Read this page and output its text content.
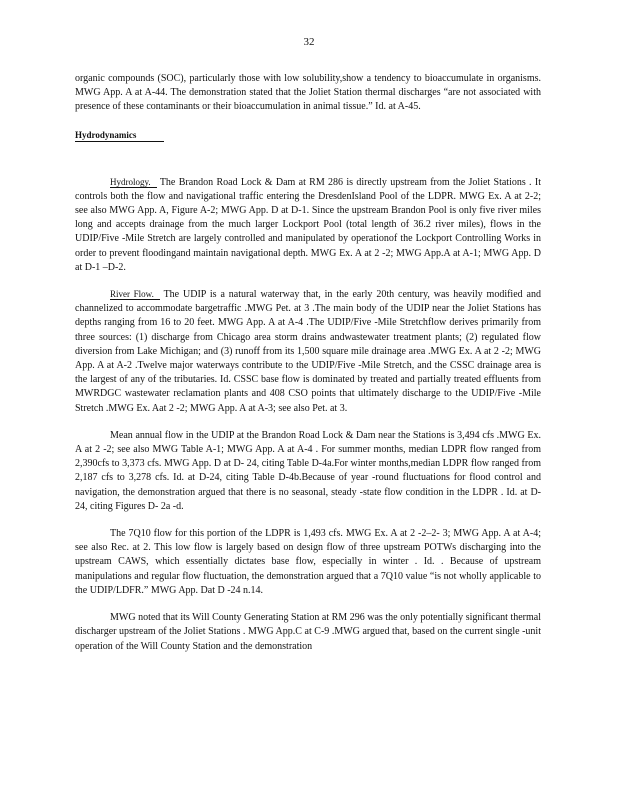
32

organic compounds (SOC), particularly those with low solubility,show a tendency to bioaccumulate in organisms. MWG App. A at A-44. The demonstration stated that the Joliet Station thermal discharges “are not associated with presence of these contaminants or their bioaccumulation in animal tissue.” Id. at A-45.

Hydrodynamics

Hydrology. The Brandon Road Lock & Dam at RM 286 is directly upstream from the Joliet Stations . It controls both the flow and navigational traffic entering the DresdenIsland Pool of the LDPR. MWG Ex. A at 2-2; see also MWG App. A, Figure A-2; MWG App. D at D-1. Since the upstream Brandon Pool is only five river miles long and accepts drainage from the much larger Lockport Pool (total length of 36.2 river miles), flows in the UDIP/Five -Mile Stretch are largely controlled and manipulated by operationof the Lockport Controlling Works in order to prevent floodingand maintain navigational depth. MWG Ex. A at 2 -2; MWG App.A at A-1; MWG App. D at D-1 –D-2.

River Flow. The UDIP is a natural waterway that, in the early 20th century, was heavily modified and channelized to accommodate bargetraffic .MWG Pet. at 3 .The main body of the UDIP near the Joliet Stations has depths ranging from 16 to 20 feet. MWG App. A at A-4 .The UDIP/Five -Mile Stretchflow derives primarily from three sources: (1) discharge from Chicago area storm drains andwastewater treatment plants; (2) regulated flow diversion from Lake Michigan; and (3) runoff from its 1,500 square mile drainage area .MWG Ex. A at 2 -2; MWG App. A at A-2 .Twelve major waterways contribute to the UDIP/Five -Mile Stretch, and the CSSC drainage area is the largest of any of the tributaries. Id. CSSC base flow is dominated by treated and partially treated effluents from MWRDGC wastewater reclamation plants and 408 CSO points that ultimately discharge to the UDIP/Five -Mile Stretch .MWG Ex. Aat 2 -2; MWG App. A at A-3; see also Pet. at 3.

Mean annual flow in the UDIP at the Brandon Road Lock & Dam near the Stations is 3,494 cfs .MWG Ex. A at 2 -2; see also MWG Table A-1; MWG App. A at A-4 . For summer months, median LDPR flow ranged from 2,390cfs to 3,373 cfs. MWG App. D at D- 24, citing Table D-4a.For winter months,median LDPR flow ranged from 2,187 cfs to 3,278 cfs. Id. at D-24, citing Table D-4b.Because of year -round fluctuations for flood control and navigation, the demonstration argued that there is no seasonal, steady -state flow condition in the LDPR . Id. at D-24, citing Figures D- 2a -d.

The 7Q10 flow for this portion of the LDPR is 1,493 cfs. MWG Ex. A at 2 -2–2- 3; MWG App. A at A-4; see also Rec. at 2. This low flow is largely based on design flow of three upstream POTWs discharging into the upstream CAWS, which essentially dictates base flow, especially in winter . Id. . Because of upstream manipulations and regular flow fluctuation, the demonstration argued that a 7Q10 value “is not wholly applicable to the UDIP/LDFR.” MWG App. Dat D -24 n.14.

MWG noted that its Will County Generating Station at RM 296 was the only potentially significant thermal discharger upstream of the Joliet Stations . MWG App.C at C-9 .MWG argued that, based on the current single -unit operation of the Will County Station and the demonstration
